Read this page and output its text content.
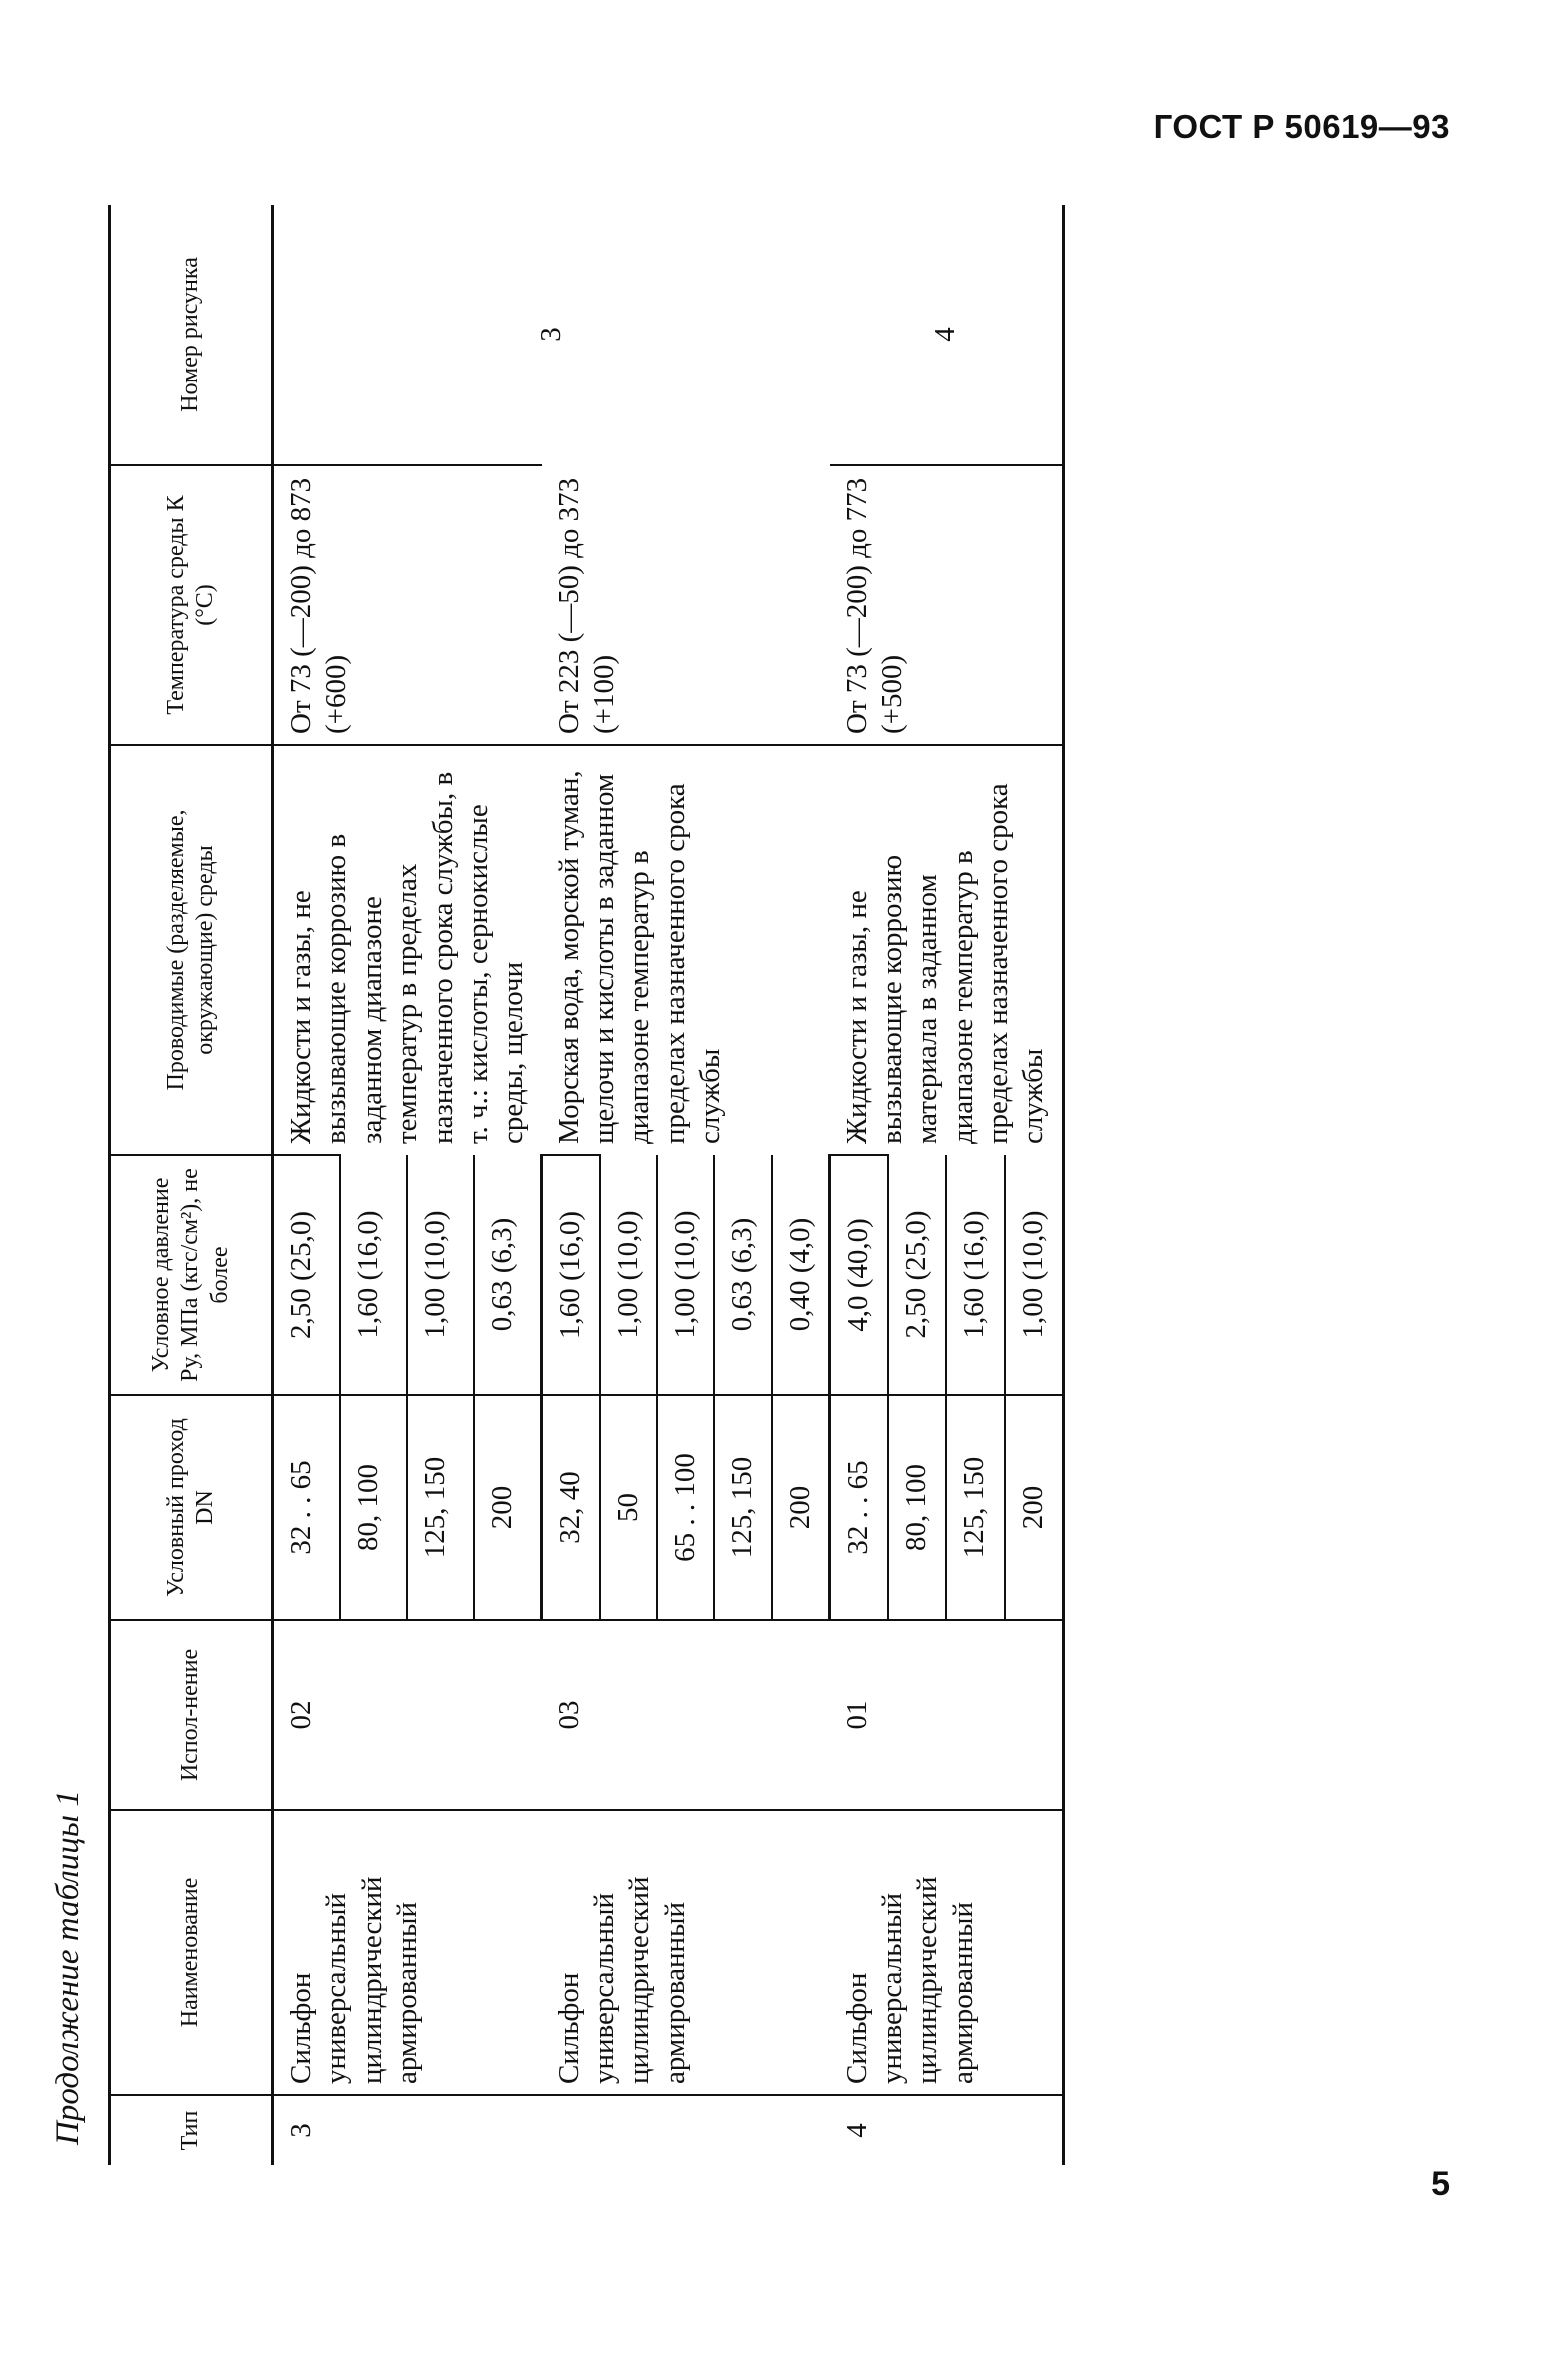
ГОСТ Р 50619—93
5
Продолжение таблицы 1	Тип	Наименование	Испол-нение	Условный проход DN	Условное давление Pу, МПа (кгс/см²), не более	Проводимые (разделяемые, окружающие) среды	Температура среды К (°С)	Номер рисунка
3	Сильфон универсальный цилиндрический армированный	02	32 . . 65	2,50 (25,0)	Жидкости и газы, не вызывающие коррозию в заданном диапазоне температур в пределах назначенного срока службы, в т. ч.: кислоты, сернокислые среды, щелочи	От 73 (—200) до 873 (+600)	3
			80, 100	1,60 (16,0)			
			125, 150	1,00 (10,0)			
			200	0,63 (6,3)			
	Сильфон универсальный цилиндрический армированный	03	32, 40	1,60 (16,0)	Морская вода, морской туман, щелочи и кислоты в заданном диапазоне температур в пределах назначенного срока службы	От 223 (—50) до 373 (+100)	
			50	1,00 (10,0)			
			65 . . 100	1,00 (10,0)			
			125, 150	0,63 (6,3)			
			200	0,40 (4,0)			
4	Сильфон универсальный цилиндрический армированный	01	32 . . 65	4,0 (40,0)	Жидкости и газы, не вызывающие коррозию материала в заданном диапазоне температур в пределах назначенного срока службы	От 73 (—200) до 773 (+500)	4
			80, 100	2,50 (25,0)			
			125, 150	1,60 (16,0)			
			200	1,00 (10,0)			
